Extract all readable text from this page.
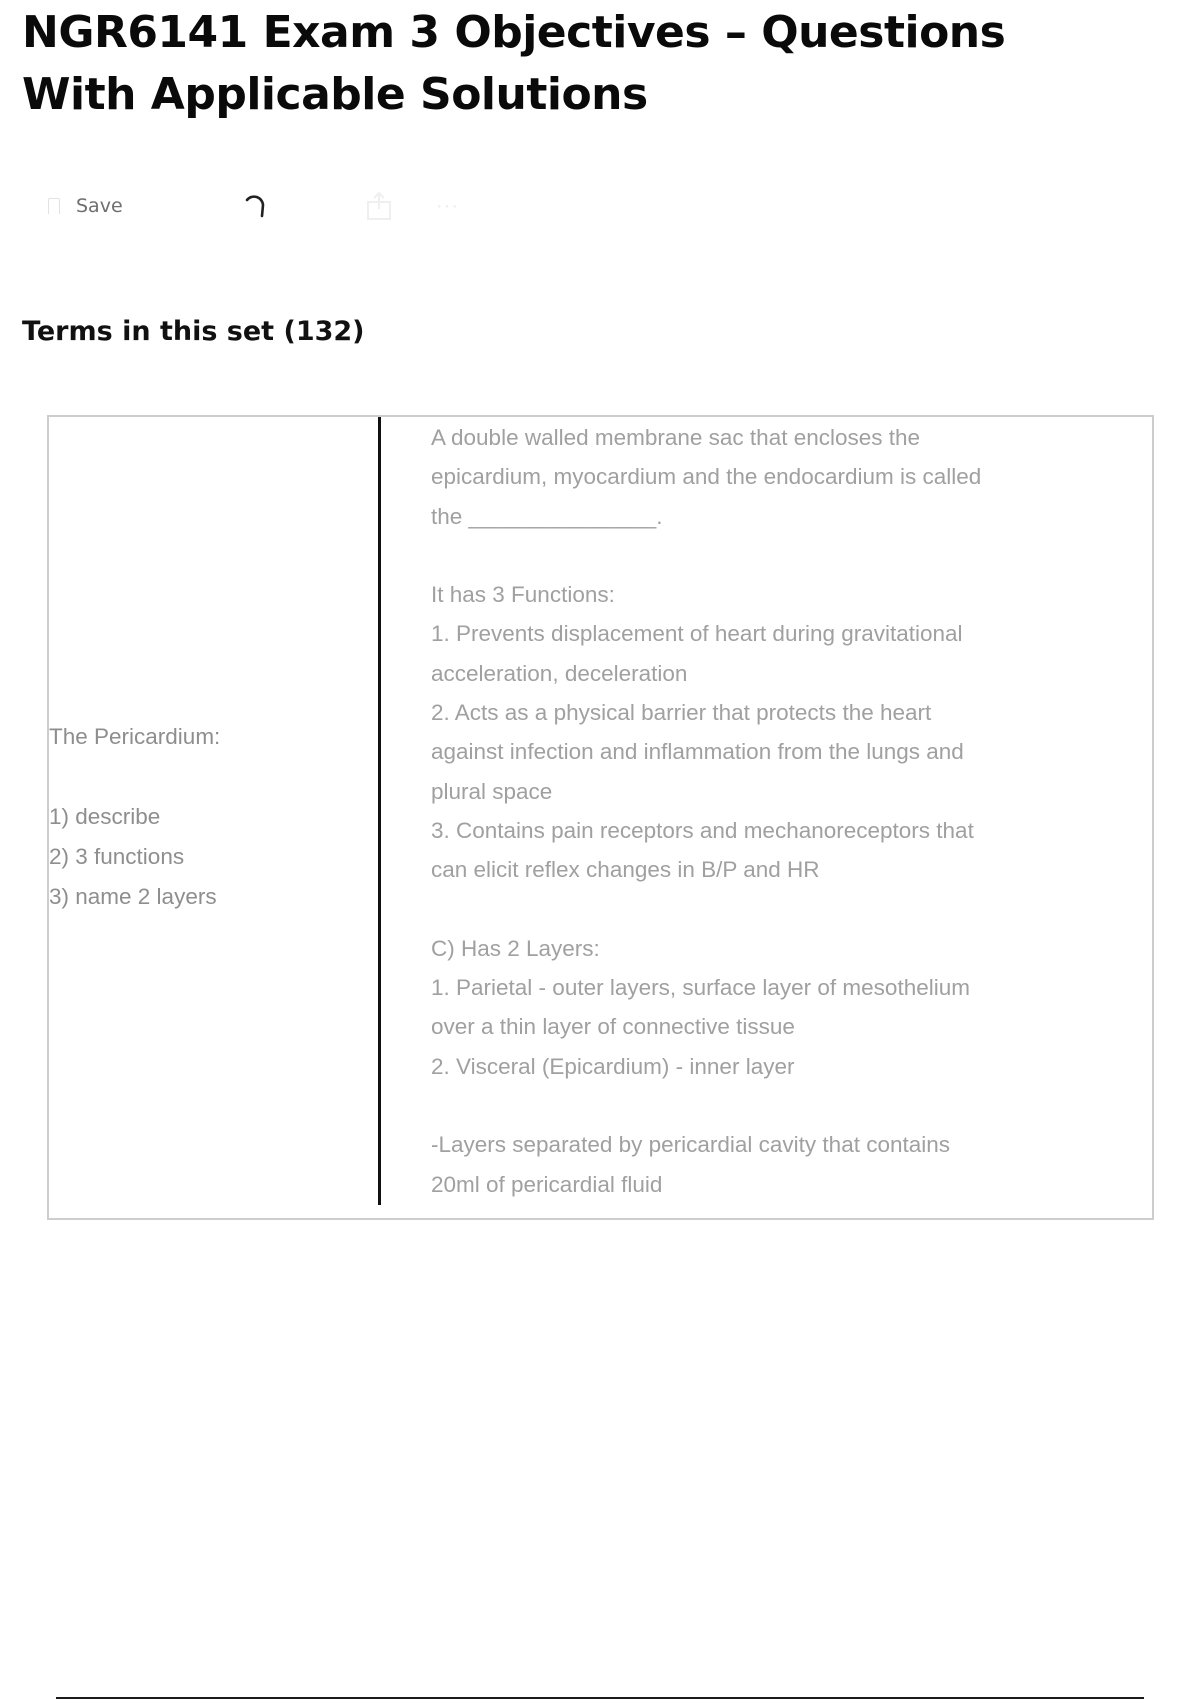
NGR6141 Exam 3 Objectives – Questions With Applicable Solutions
Save	···
Terms in this set (132)
The Pericardium:
1) describe
2) 3 functions
3) name 2 layers
A double walled membrane sac that encloses the
epicardium, myocardium and the endocardium is called
the _______________.
It has 3 Functions:
1. Prevents displacement of heart during gravitational
acceleration, deceleration
2. Acts as a physical barrier that protects the heart
against infection and inflammation from the lungs and
plural space
3. Contains pain receptors and mechanoreceptors that
can elicit reflex changes in B/P and HR
C) Has 2 Layers:
1. Parietal - outer layers, surface layer of mesothelium
over a thin layer of connective tissue
2. Visceral (Epicardium) - inner layer
-Layers separated by pericardial cavity that contains
20ml of pericardial fluid
